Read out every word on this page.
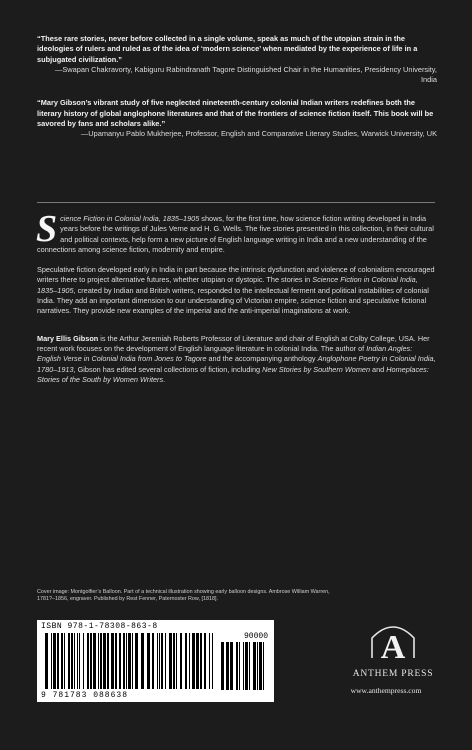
“These rare stories, never before collected in a single volume, speak as much of the utopian strain in the ideologies of rulers and ruled as of the idea of ‘modern science’ when mediated by the experience of life in a subjugated civilization.”
—Swapan Chakravorty, Kabiguru Rabindranath Tagore Distinguished Chair in the Humanities, Presidency University, India
“Mary Gibson’s vibrant study of five neglected nineteenth-century colonial Indian writers redefines both the literary history of global anglophone literatures and that of the frontiers of science fiction itself. This book will be savored by fans and scholars alike.”
—Upamanyu Pablo Mukherjee, Professor, English and Comparative Literary Studies, Warwick University, UK

Science Fiction in Colonial India, 1835–1905 shows, for the first time, how science fiction writing developed in India years before the writings of Jules Verne and H. G. Wells. The five stories presented in this collection, in their cultural and political contexts, help form a new picture of English language writing in India and a new understanding of the connections among science fiction, modernity and empire.

Speculative fiction developed early in India in part because the intrinsic dysfunction and violence of colonialism encouraged writers there to project alternative futures, whether utopian or dystopic. The stories in Science Fiction in Colonial India, 1835–1905, created by Indian and British writers, responded to the intellectual ferment and political instabilities of colonial India. They add an important dimension to our understanding of Victorian empire, science fiction and speculative fictional narratives. They provide new examples of the imperial and the anti-imperial imaginations at work.

Mary Ellis Gibson is the Arthur Jeremiah Roberts Professor of Literature and chair of English at Colby College, USA. Her recent work focuses on the development of English language literature in colonial India. The author of Indian Angles: English Verse in Colonial India from Jones to Tagore and the accompanying anthology Anglophone Poetry in Colonial India, 1780–1913, Gibson has edited several collections of fiction, including New Stories by Southern Women and Homeplaces: Stories of the South by Women Writers.

Cover image: Montgolfier’s Balloon. Part of a technical illustration showing early balloon designs. Ambrose William Warren, 1781?–1856, engraver. Published by Rest Fenner, Paternoster Row, [1818].
ISBN 978-1-78308-863-8
90000
9 781783 088638
A
ANTHEM PRESS
www.anthempress.com
